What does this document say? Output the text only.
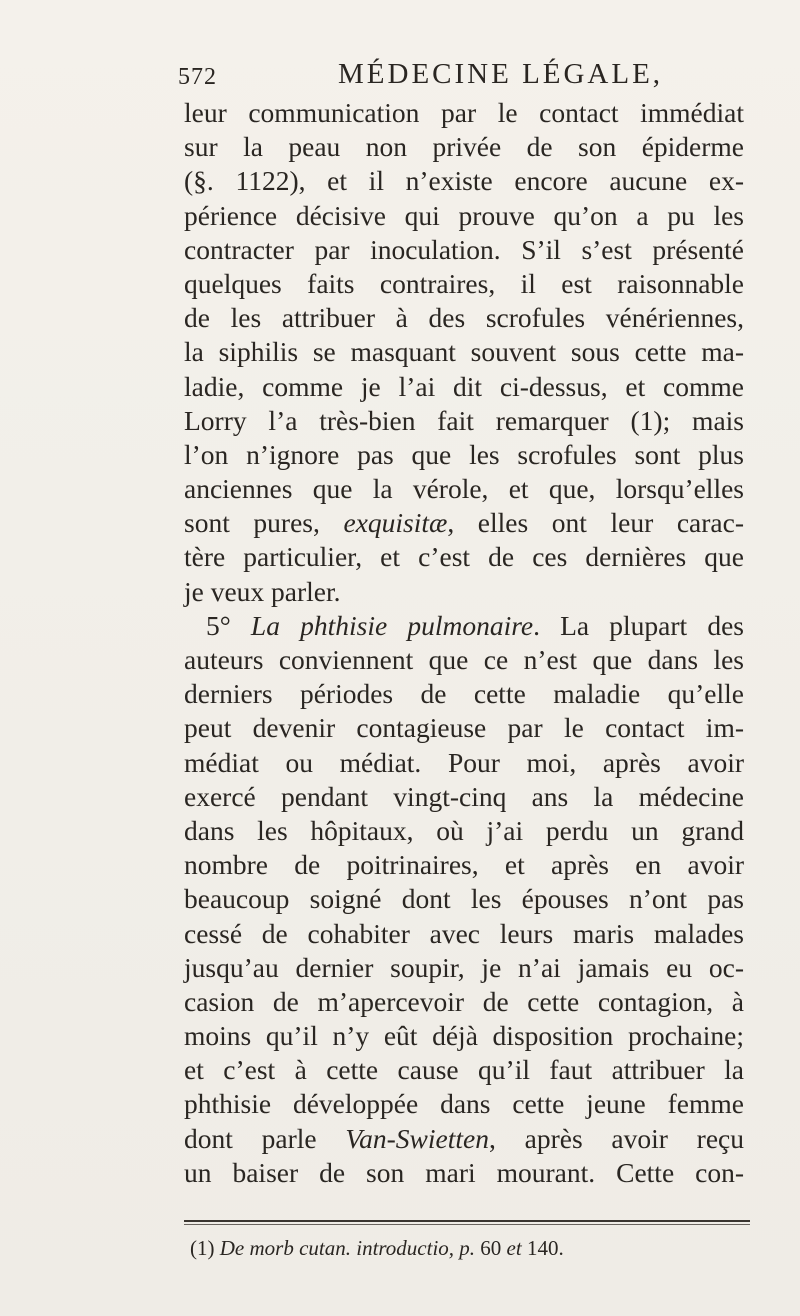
572	MÉDECINE LÉGALE,
leur communication par le contact immédiat
sur la peau non privée de son épiderme
(§. 1122), et il n’existe encore aucune ex-
périence décisive qui prouve qu’on a pu les
contracter par inoculation. S’il s’est présenté
quelques faits contraires, il est raisonnable
de les attribuer à des scrofules vénériennes,
la siphilis se masquant souvent sous cette ma-
ladie, comme je l’ai dit ci-dessus, et comme
Lorry l’a très-bien fait remarquer (1); mais
l’on n’ignore pas que les scrofules sont plus
anciennes que la vérole, et que, lorsqu’elles
sont pures, exquisitæ, elles ont leur carac-
tère particulier, et c’est de ces dernières que
je veux parler.
5° La phthisie pulmonaire. La plupart des
auteurs conviennent que ce n’est que dans les
derniers périodes de cette maladie qu’elle
peut devenir contagieuse par le contact im-
médiat ou médiat. Pour moi, après avoir
exercé pendant vingt-cinq ans la médecine
dans les hôpitaux, où j’ai perdu un grand
nombre de poitrinaires, et après en avoir
beaucoup soigné dont les épouses n’ont pas
cessé de cohabiter avec leurs maris malades
jusqu’au dernier soupir, je n’ai jamais eu oc-
casion de m’apercevoir de cette contagion, à
moins qu’il n’y eût déjà disposition prochaine;
et c’est à cette cause qu’il faut attribuer la
phthisie développée dans cette jeune femme
dont parle Van-Swietten, après avoir reçu
un baiser de son mari mourant. Cette con-
(1) De morb cutan. introductio, p. 60 et 140.
